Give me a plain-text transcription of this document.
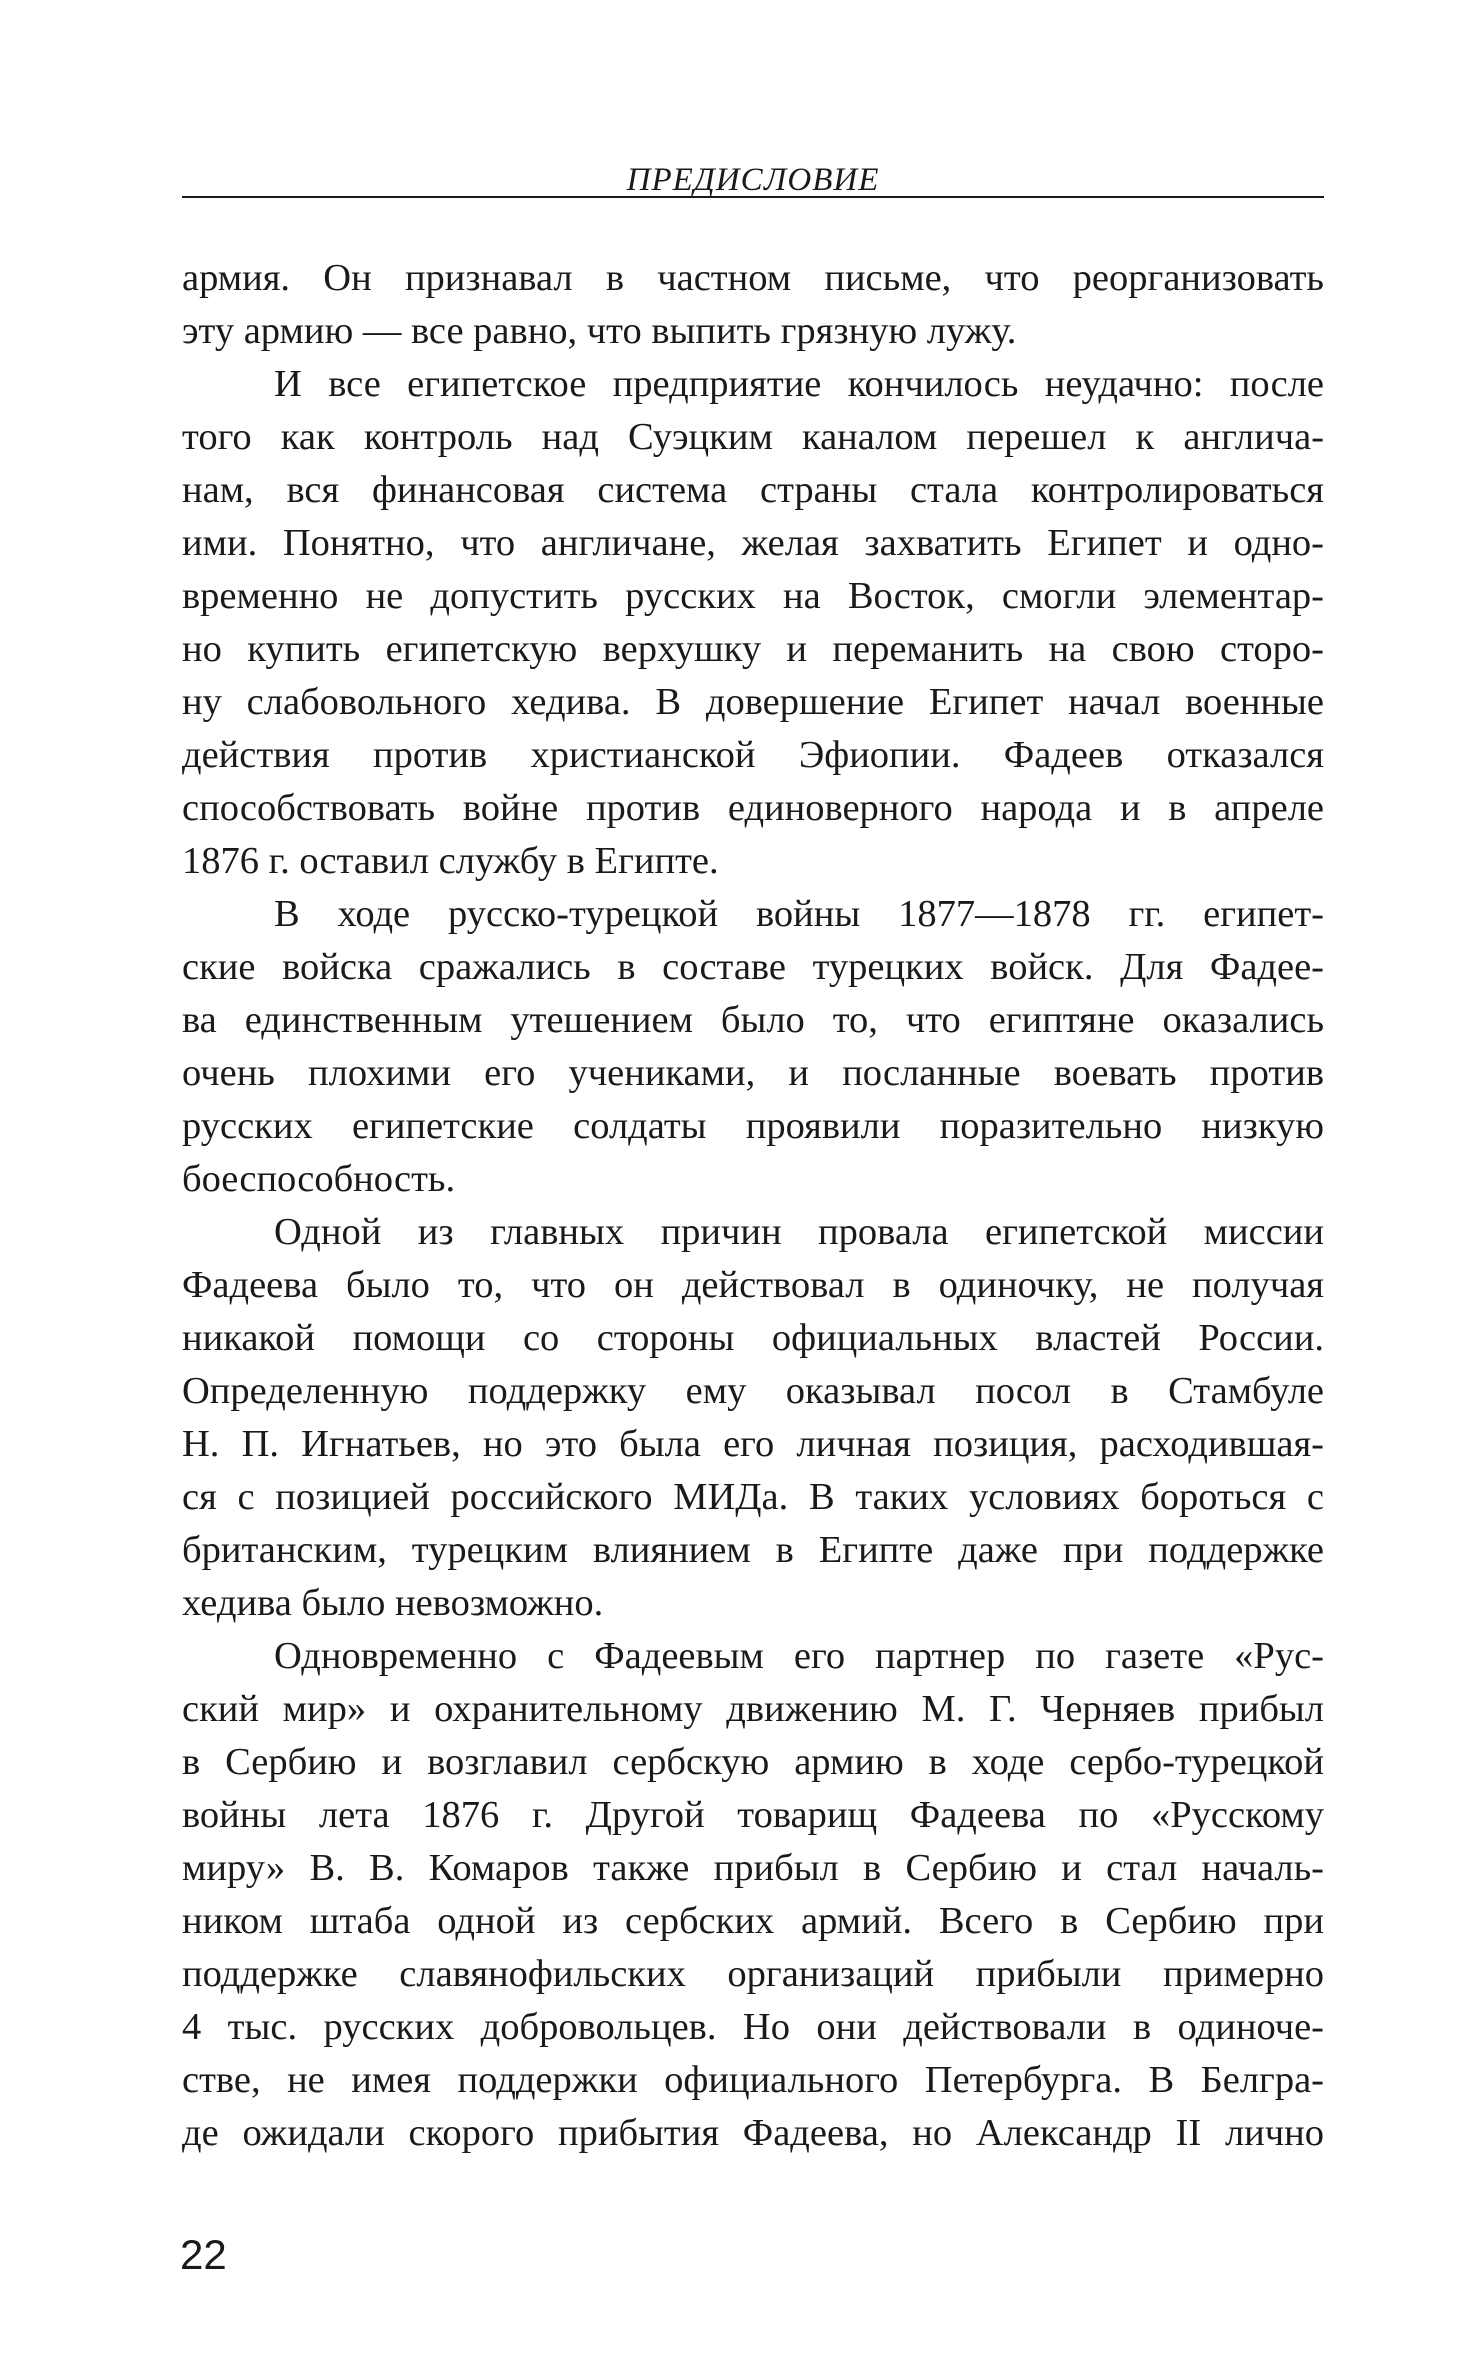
ПРЕДИСЛОВИЕ
армия. Он признавал в частном письме, что реорганизовать
эту армию — все равно, что выпить грязную лужу.
И все египетское предприятие кончилось неудачно: после
того как контроль над Суэцким каналом перешел к англича-
нам, вся финансовая система страны стала контролироваться
ими. Понятно, что англичане, желая захватить Египет и одно-
временно не допустить русских на Восток, смогли элементар-
но купить египетскую верхушку и переманить на свою сторо-
ну слабовольного хедива. В довершение Египет начал военные
действия против христианской Эфиопии. Фадеев отказался
способствовать войне против единоверного народа и в апреле
1876 г. оставил службу в Египте.
В ходе русско-турецкой войны 1877—1878 гг. египет-
ские войска сражались в составе турецких войск. Для Фадее-
ва единственным утешением было то, что египтяне оказались
очень плохими его учениками, и посланные воевать против
русских египетские солдаты проявили поразительно низкую
боеспособность.
Одной из главных причин провала египетской миссии
Фадеева было то, что он действовал в одиночку, не получая
никакой помощи со стороны официальных властей России.
Определенную поддержку ему оказывал посол в Стамбуле
Н. П. Игнатьев, но это была его личная позиция, расходившая-
ся с позицией российского МИДа. В таких условиях бороться с
британским, турецким влиянием в Египте даже при поддержке
хедива было невозможно.
Одновременно с Фадеевым его партнер по газете «Рус-
ский мир» и охранительному движению М. Г. Черняев прибыл
в Сербию и возглавил сербскую армию в ходе сербо-турецкой
войны лета 1876 г. Другой товарищ Фадеева по «Русскому
миру» В. В. Комаров также прибыл в Сербию и стал началь-
ником штаба одной из сербских армий. Всего в Сербию при
поддержке славянофильских организаций прибыли примерно
4 тыс. русских добровольцев. Но они действовали в одиноче-
стве, не имея поддержки официального Петербурга. В Белгра-
де ожидали скорого прибытия Фадеева, но Александр II лично
22
